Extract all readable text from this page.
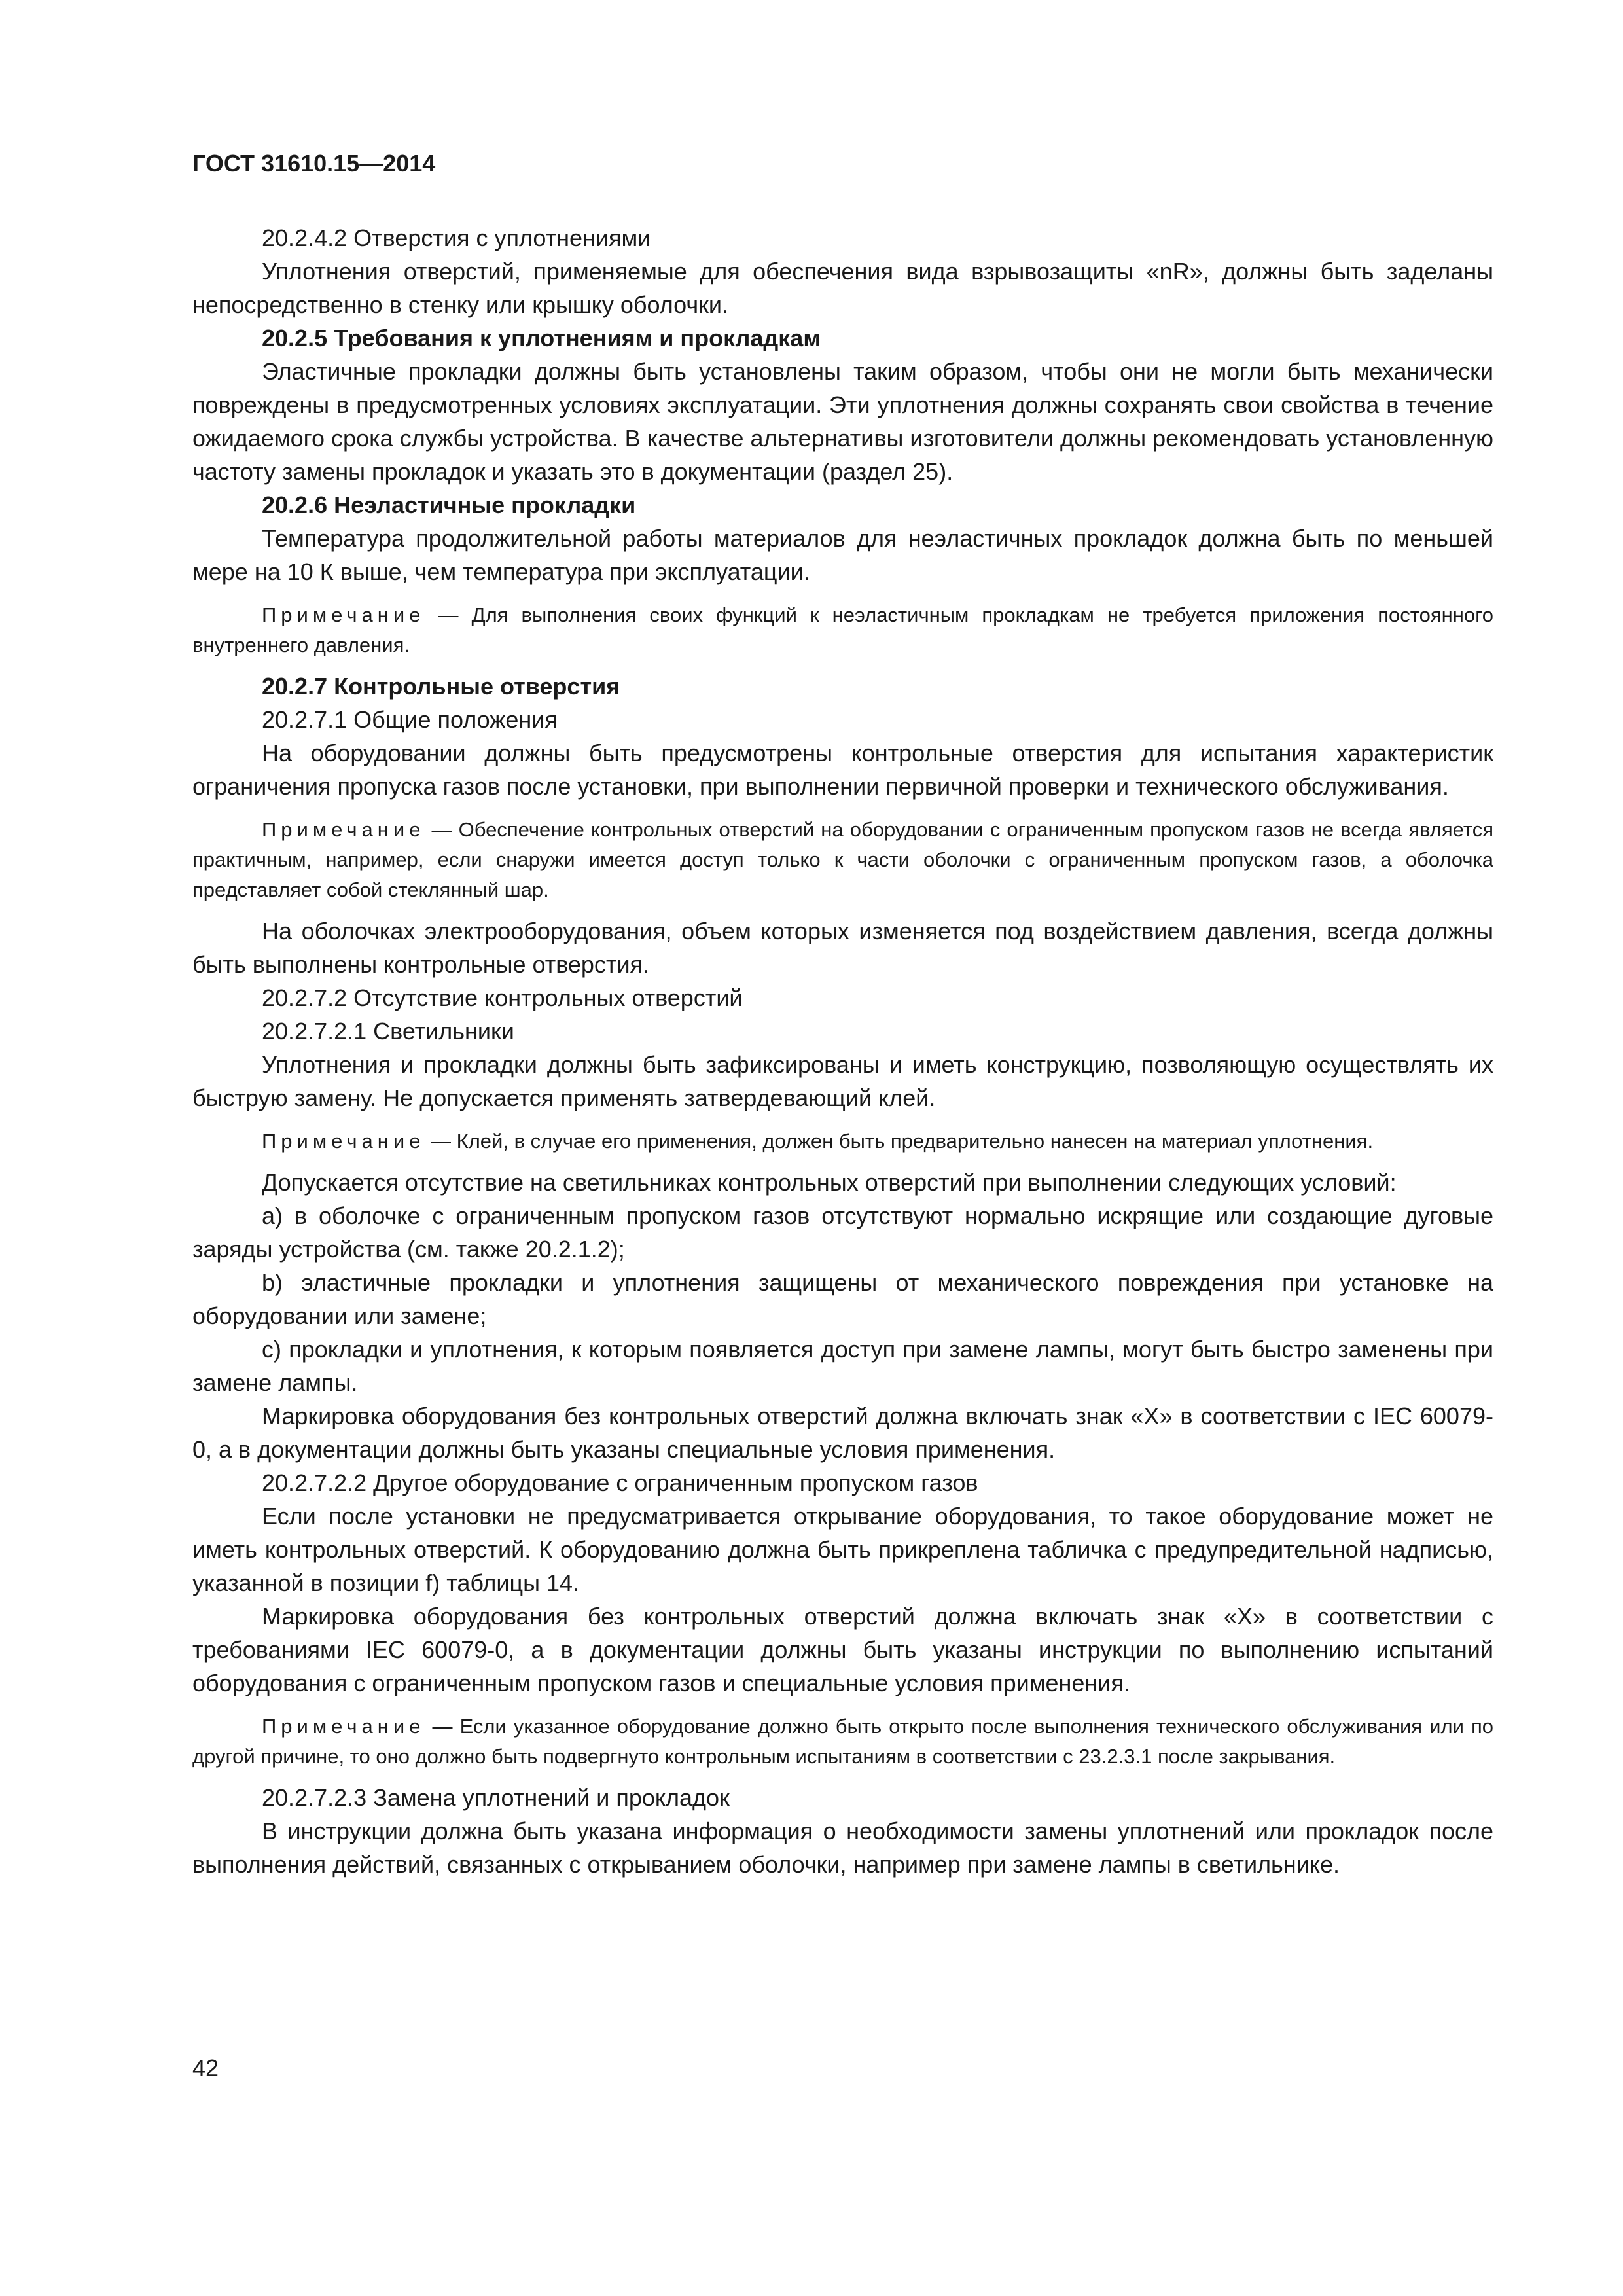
ГОСТ 31610.15—2014

20.2.4.2 Отверстия с уплотнениями

Уплотнения отверстий, применяемые для обеспечения вида взрывозащиты «nR», должны быть заделаны непосредственно в стенку или крышку оболочки.

20.2.5 Требования к уплотнениям и прокладкам

Эластичные прокладки должны быть установлены таким образом, чтобы они не могли быть механически повреждены в предусмотренных условиях эксплуатации. Эти уплотнения должны сохранять свои свойства в течение ожидаемого срока службы устройства. В качестве альтернативы изготовители должны рекомендовать установленную частоту замены прокладок и указать это в документации (раздел 25).

20.2.6 Неэластичные прокладки

Температура продолжительной работы материалов для неэластичных прокладок должна быть по меньшей мере на 10 К выше, чем температура при эксплуатации.

Примечание — Для выполнения своих функций к неэластичным прокладкам не требуется приложения постоянного внутреннего давления.

20.2.7 Контрольные отверстия

20.2.7.1 Общие положения

На оборудовании должны быть предусмотрены контрольные отверстия для испытания характеристик ограничения пропуска газов после установки, при выполнении первичной проверки и технического обслуживания.

Примечание — Обеспечение контрольных отверстий на оборудовании с ограниченным пропуском газов не всегда является практичным, например, если снаружи имеется доступ только к части оболочки с ограниченным пропуском газов, а оболочка представляет собой стеклянный шар.

На оболочках электрооборудования, объем которых изменяется под воздействием давления, всегда должны быть выполнены контрольные отверстия.

20.2.7.2 Отсутствие контрольных отверстий

20.2.7.2.1 Светильники

Уплотнения и прокладки должны быть зафиксированы и иметь конструкцию, позволяющую осуществлять их быструю замену. Не допускается применять затвердевающий клей.

Примечание — Клей, в случае его применения, должен быть предварительно нанесен на материал уплотнения.

Допускается отсутствие на светильниках контрольных отверстий при выполнении следующих условий:

a) в оболочке с ограниченным пропуском газов отсутствуют нормально искрящие или создающие дуговые заряды устройства (см. также 20.2.1.2);

b) эластичные прокладки и уплотнения защищены от механического повреждения при установке на оборудовании или замене;

c) прокладки и уплотнения, к которым появляется доступ при замене лампы, могут быть быстро заменены при замене лампы.

Маркировка оборудования без контрольных отверстий должна включать знак «X» в соответствии с IEC 60079-0, а в документации должны быть указаны специальные условия применения.

20.2.7.2.2 Другое оборудование с ограниченным пропуском газов

Если после установки не предусматривается открывание оборудования, то такое оборудование может не иметь контрольных отверстий. К оборудованию должна быть прикреплена табличка с предупредительной надписью, указанной в позиции f) таблицы 14.

Маркировка оборудования без контрольных отверстий должна включать знак «X» в соответствии с требованиями IEC 60079-0, а в документации должны быть указаны инструкции по выполнению испытаний оборудования с ограниченным пропуском газов и специальные условия применения.

Примечание — Если указанное оборудование должно быть открыто после выполнения технического обслуживания или по другой причине, то оно должно быть подвергнуто контрольным испытаниям в соответствии с 23.2.3.1 после закрывания.

20.2.7.2.3 Замена уплотнений и прокладок

В инструкции должна быть указана информация о необходимости замены уплотнений или прокладок после выполнения действий, связанных с открыванием оболочки, например при замене лампы в светильнике.

42
